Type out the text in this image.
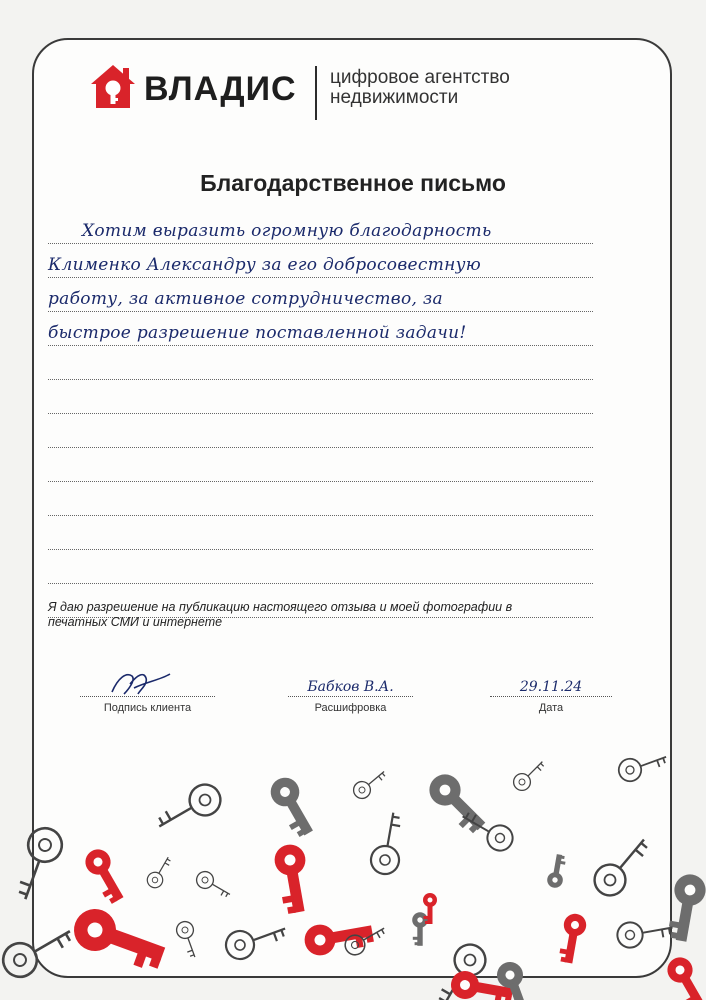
ВЛАДИС цифровое агентство
недвижимости
Благодарственное письмо
Хотим выразить огромную благодарность
Клименко Александру за его добросовестную
работу, за активное сотрудничество, за
быстрое разрешение поставленной задачи!
Я даю разрешение на публикацию настоящего отзыва и моей фотографии в печатных СМИ и интернете
Подпись клиента
Бабков В.А.
Расшифровка
29.11.24
Дата
